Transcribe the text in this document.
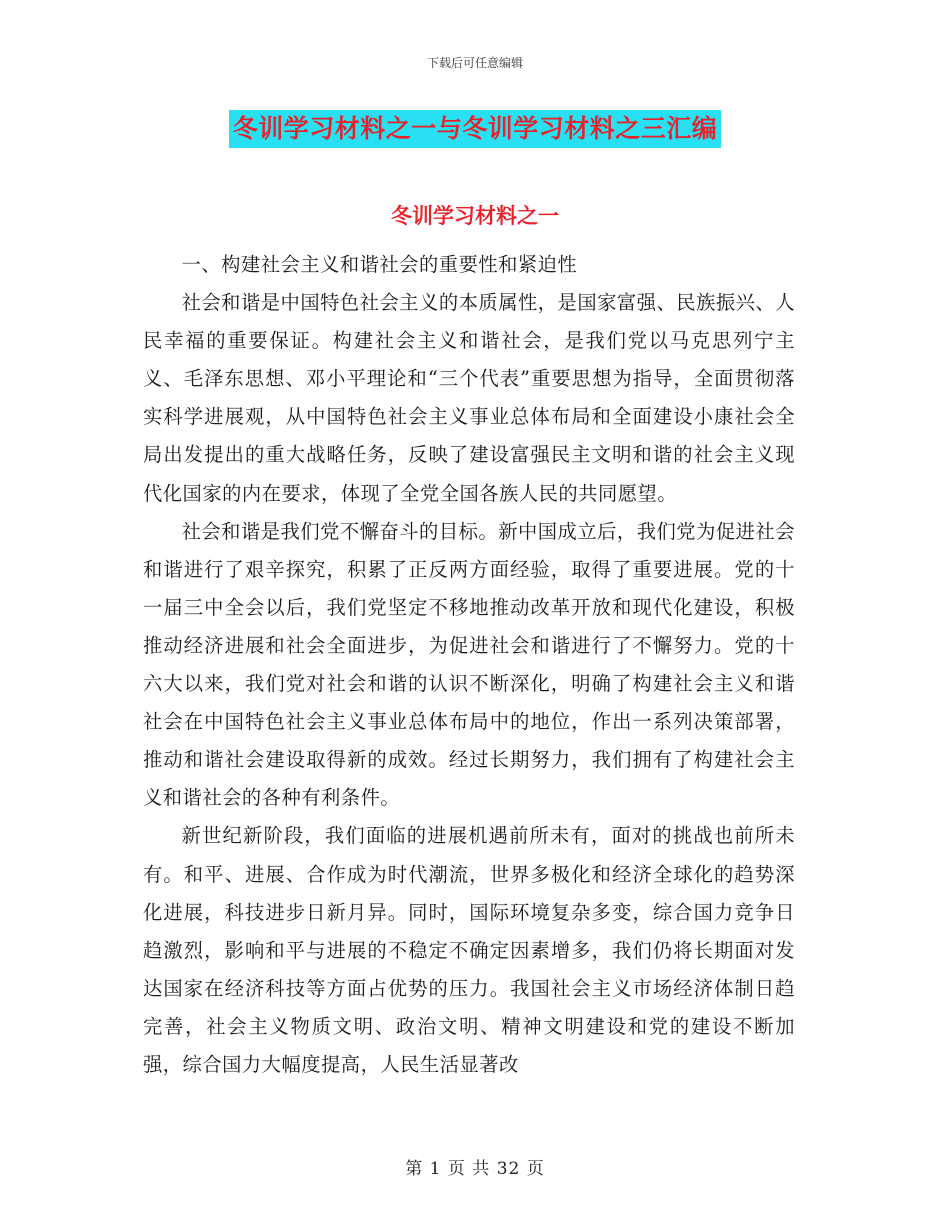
下载后可任意编辑
冬训学习材料之一与冬训学习材料之三汇编
冬训学习材料之一

一、构建社会主义和谐社会的重要性和紧迫性

社会和谐是中国特色社会主义的本质属性，是国家富强、民族振兴、人民幸福的重要保证。构建社会主义和谐社会，是我们党以马克思列宁主义、毛泽东思想、邓小平理论和“三个代表”重要思想为指导，全面贯彻落实科学进展观，从中国特色社会主义事业总体布局和全面建设小康社会全局出发提出的重大战略任务，反映了建设富强民主文明和谐的社会主义现代化国家的内在要求，体现了全党全国各族人民的共同愿望。

社会和谐是我们党不懈奋斗的目标。新中国成立后，我们党为促进社会和谐进行了艰辛探究，积累了正反两方面经验，取得了重要进展。党的十一届三中全会以后，我们党坚定不移地推动改革开放和现代化建设，积极推动经济进展和社会全面进步，为促进社会和谐进行了不懈努力。党的十六大以来，我们党对社会和谐的认识不断深化，明确了构建社会主义和谐社会在中国特色社会主义事业总体布局中的地位，作出一系列决策部署，推动和谐社会建设取得新的成效。经过长期努力，我们拥有了构建社会主义和谐社会的各种有利条件。

新世纪新阶段，我们面临的进展机遇前所未有，面对的挑战也前所未有。和平、进展、合作成为时代潮流，世界多极化和经济全球化的趋势深化进展，科技进步日新月异。同时，国际环境复杂多变，综合国力竞争日趋激烈，影响和平与进展的不稳定不确定因素增多，我们仍将长期面对发达国家在经济科技等方面占优势的压力。我国社会主义市场经济体制日趋完善，社会主义物质文明、政治文明、精神文明建设和党的建设不断加强，综合国力大幅度提高，人民生活显著改

第 1 页 共 32 页
